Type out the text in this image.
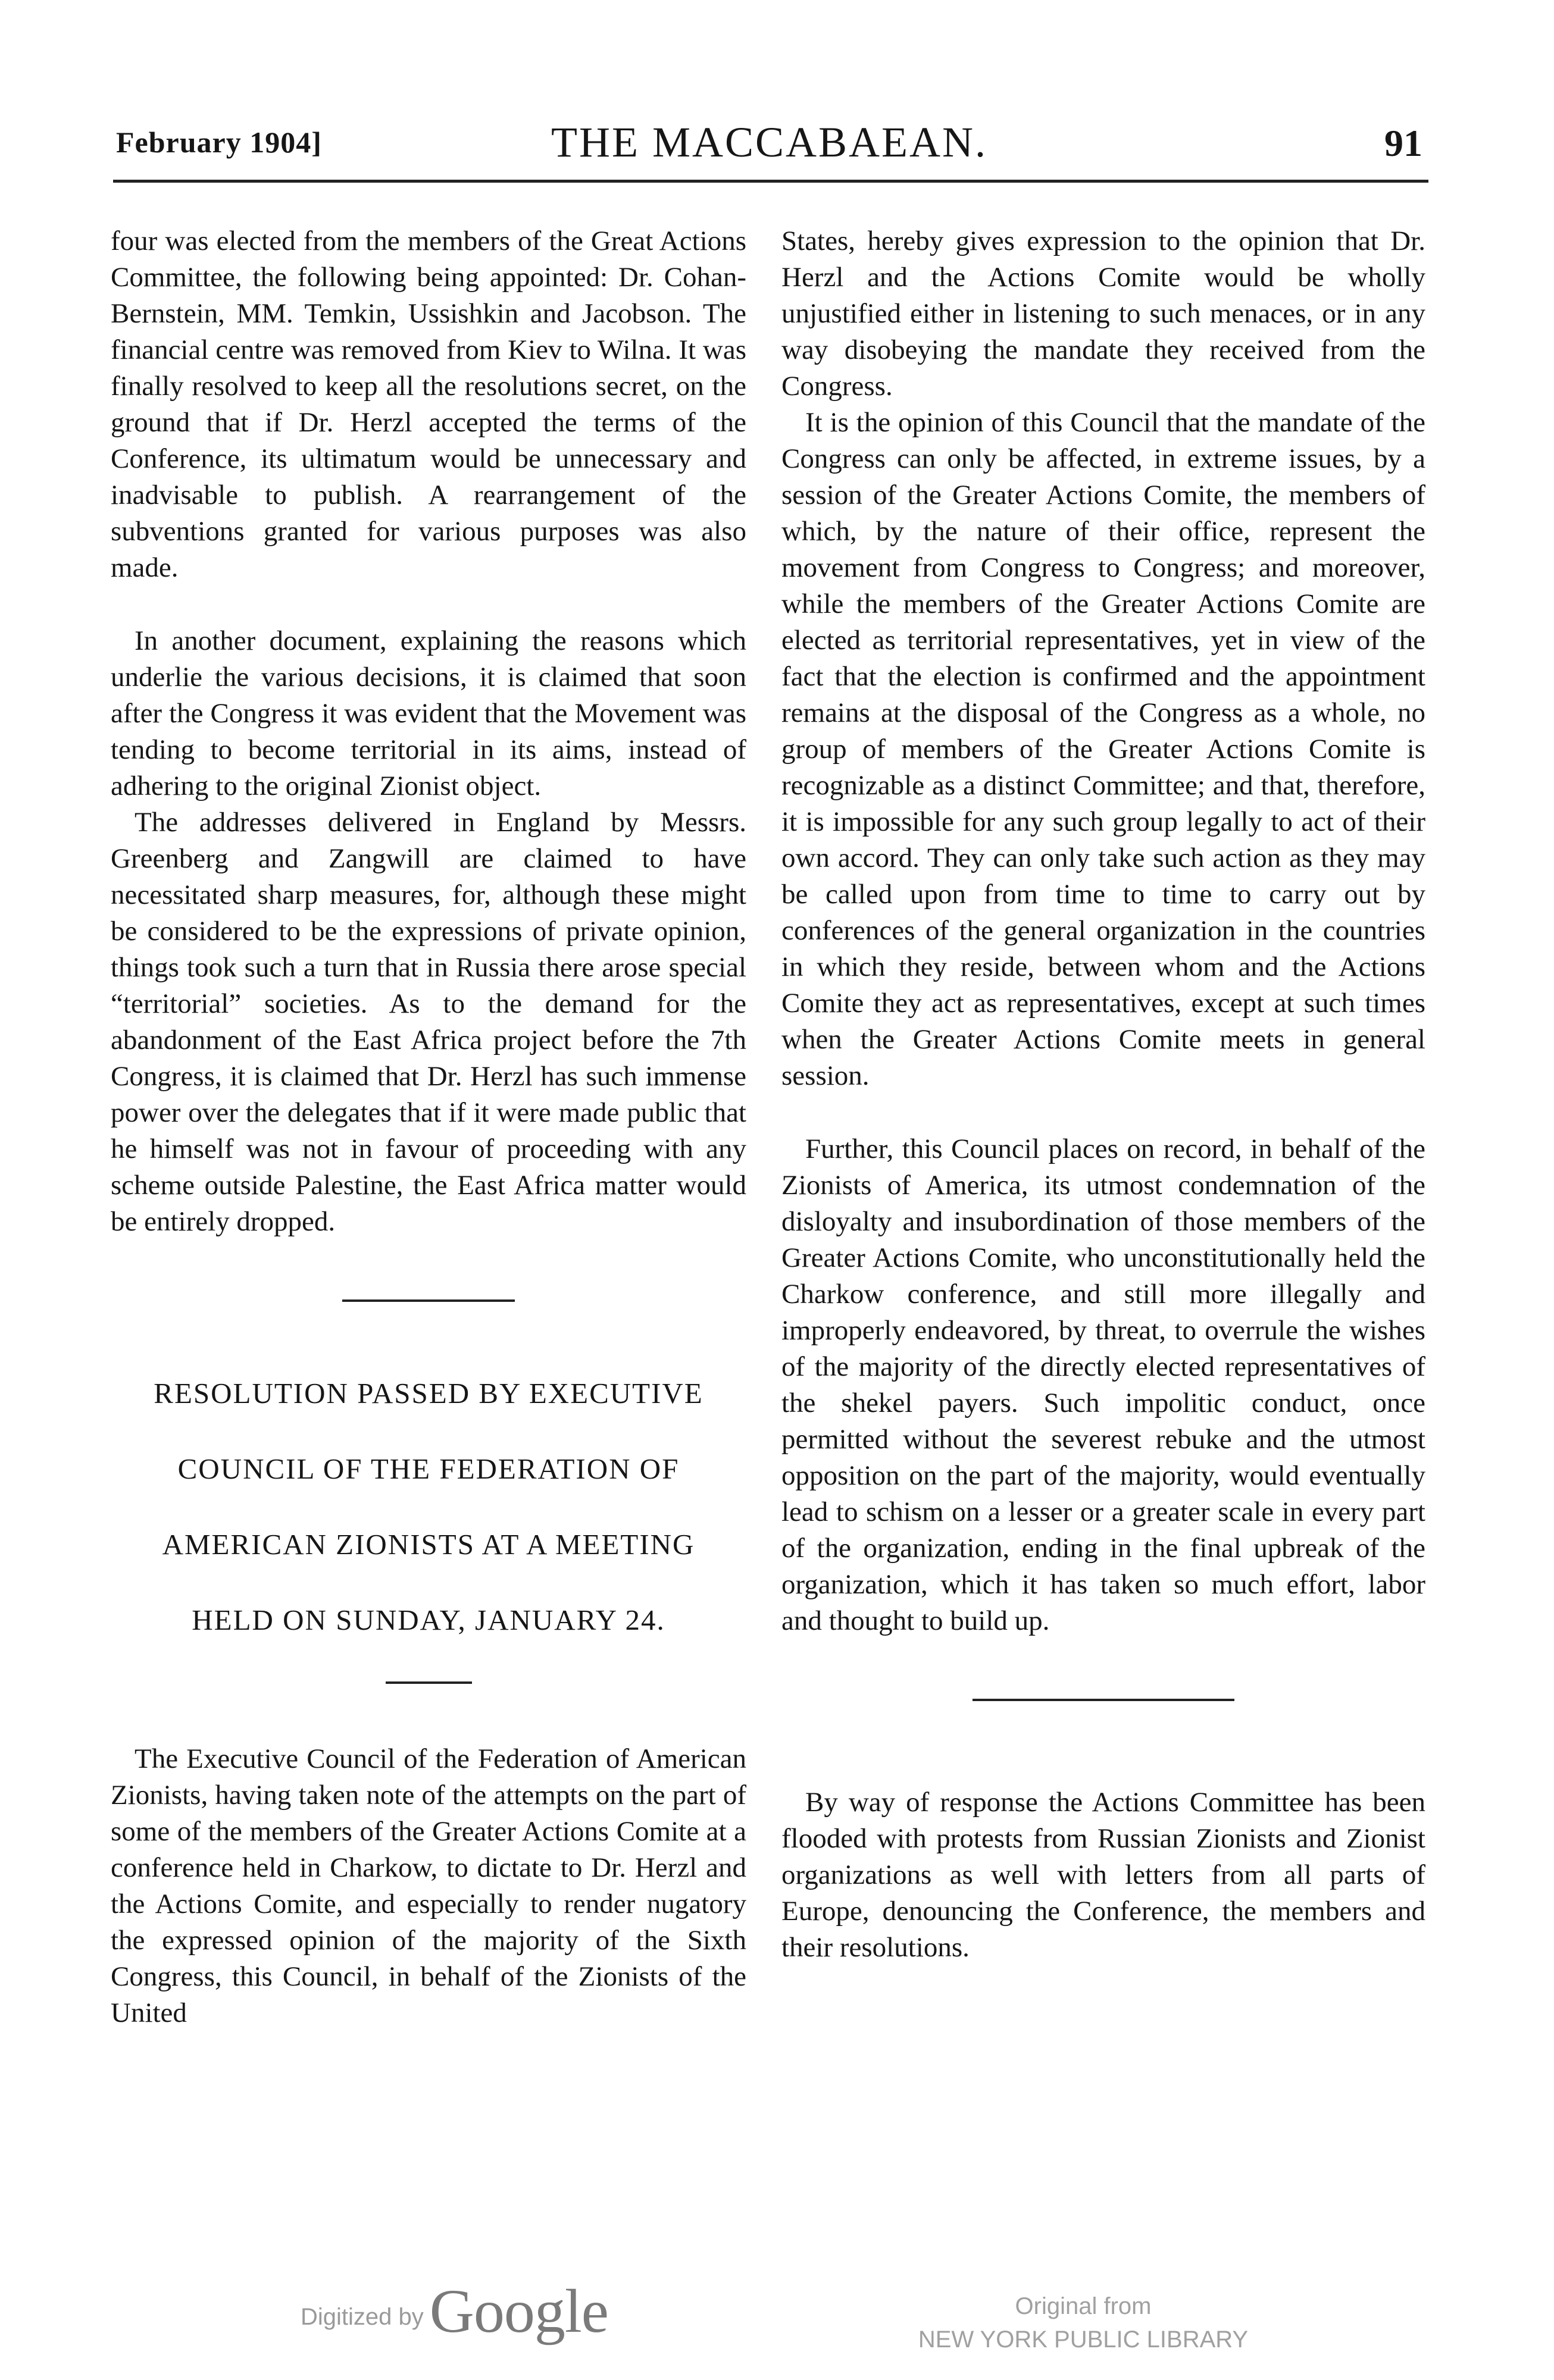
February 1904]	THE MACCABAEAN.	91

four was elected from the members of the Great Actions Committee, the following being appointed: Dr. Cohan-Bernstein, MM. Temkin, Ussishkin and Jacobson. The financial centre was removed from Kiev to Wilna. It was finally resolved to keep all the resolutions secret, on the ground that if Dr. Herzl accepted the terms of the Conference, its ultimatum would be unnecessary and inadvisable to publish. A rearrangement of the subventions granted for various purposes was also made.

In another document, explaining the reasons which underlie the various decisions, it is claimed that soon after the Congress it was evident that the Movement was tending to become territorial in its aims, instead of adhering to the original Zionist object.

The addresses delivered in England by Messrs. Greenberg and Zangwill are claimed to have necessitated sharp measures, for, although these might be considered to be the expressions of private opinion, things took such a turn that in Russia there arose special “territorial” societies. As to the demand for the abandonment of the East Africa project before the 7th Congress, it is claimed that Dr. Herzl has such immense power over the delegates that if it were made public that he himself was not in favour of proceeding with any scheme outside Palestine, the East Africa matter would be entirely dropped.

RESOLUTION PASSED BY EXECUTIVE COUNCIL OF THE FEDERATION OF AMERICAN ZIONISTS AT A MEETING HELD ON SUNDAY, JANUARY 24.

The Executive Council of the Federation of American Zionists, having taken note of the attempts on the part of some of the members of the Greater Actions Comite at a conference held in Charkow, to dictate to Dr. Herzl and the Actions Comite, and especially to render nugatory the expressed opinion of the majority of the Sixth Congress, this Council, in behalf of the Zionists of the United

States, hereby gives expression to the opinion that Dr. Herzl and the Actions Comite would be wholly unjustified either in listening to such menaces, or in any way disobeying the mandate they received from the Congress.

It is the opinion of this Council that the mandate of the Congress can only be affected, in extreme issues, by a session of the Greater Actions Comite, the members of which, by the nature of their office, represent the movement from Congress to Congress; and moreover, while the members of the Greater Actions Comite are elected as territorial representatives, yet in view of the fact that the election is confirmed and the appointment remains at the disposal of the Congress as a whole, no group of members of the Greater Actions Comite is recognizable as a distinct Committee; and that, therefore, it is impossible for any such group legally to act of their own accord. They can only take such action as they may be called upon from time to time to carry out by conferences of the general organization in the countries in which they reside, between whom and the Actions Comite they act as representatives, except at such times when the Greater Actions Comite meets in general session.

Further, this Council places on record, in behalf of the Zionists of America, its utmost condemnation of the disloyalty and insubordination of those members of the Greater Actions Comite, who unconstitutionally held the Charkow conference, and still more illegally and improperly endeavored, by threat, to overrule the wishes of the majority of the directly elected representatives of the shekel payers. Such impolitic conduct, once permitted without the severest rebuke and the utmost opposition on the part of the majority, would eventually lead to schism on a lesser or a greater scale in every part of the organization, ending in the final upbreak of the organization, which it has taken so much effort, labor and thought to build up.

By way of response the Actions Committee has been flooded with protests from Russian Zionists and Zionist organizations as well with letters from all parts of Europe, denouncing the Conference, the members and their resolutions.

Digitized byGoogle	Original from
NEW YORK PUBLIC LIBRARY
